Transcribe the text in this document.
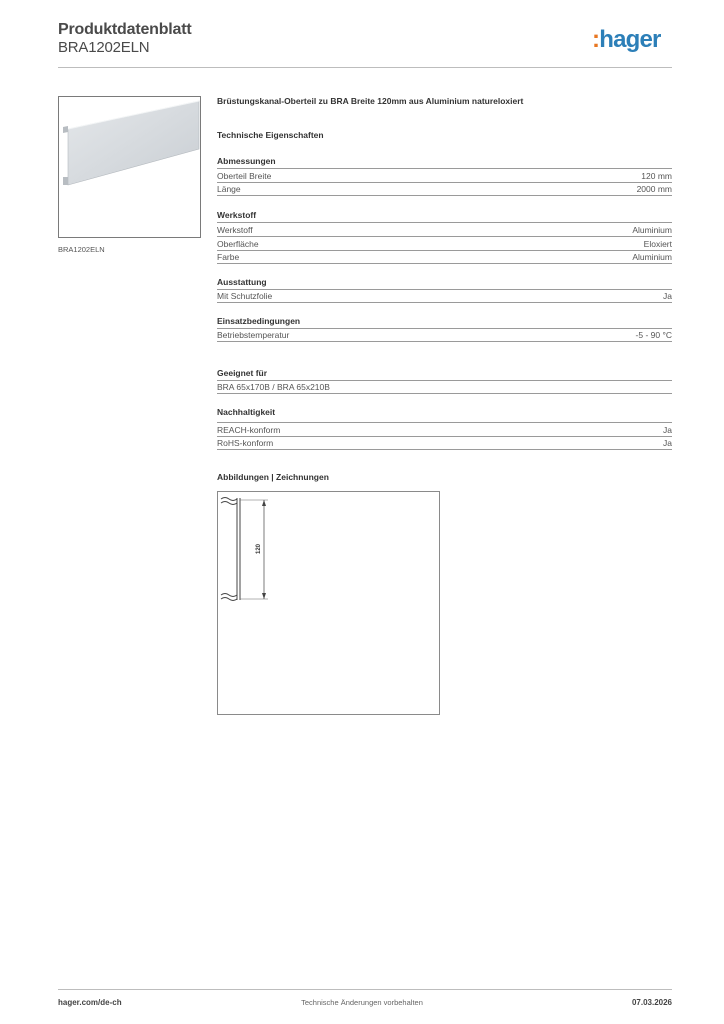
Produktdatenblatt
BRA1202ELN	:hager
BRA1202ELN
Brüstungskanal-Oberteil zu BRA Breite 120mm aus Aluminium natureloxiert
Technische Eigenschaften
Abmessungen
Oberteil Breite	120 mm
Länge	2000 mm
Werkstoff
Werkstoff	Aluminium
Oberfläche	Eloxiert
Farbe	Aluminium
Ausstattung
Mit Schutzfolie	Ja
Einsatzbedingungen
Betriebstemperatur	-5 - 90 °C
Geeignet für
BRA 65x170B / BRA 65x210B
Nachhaltigkeit
REACH-konform	Ja
RoHS-konform	Ja
Abbildungen | Zeichnungen
120
hager.com/de-ch	Technische Änderungen vorbehalten	07.03.2026
